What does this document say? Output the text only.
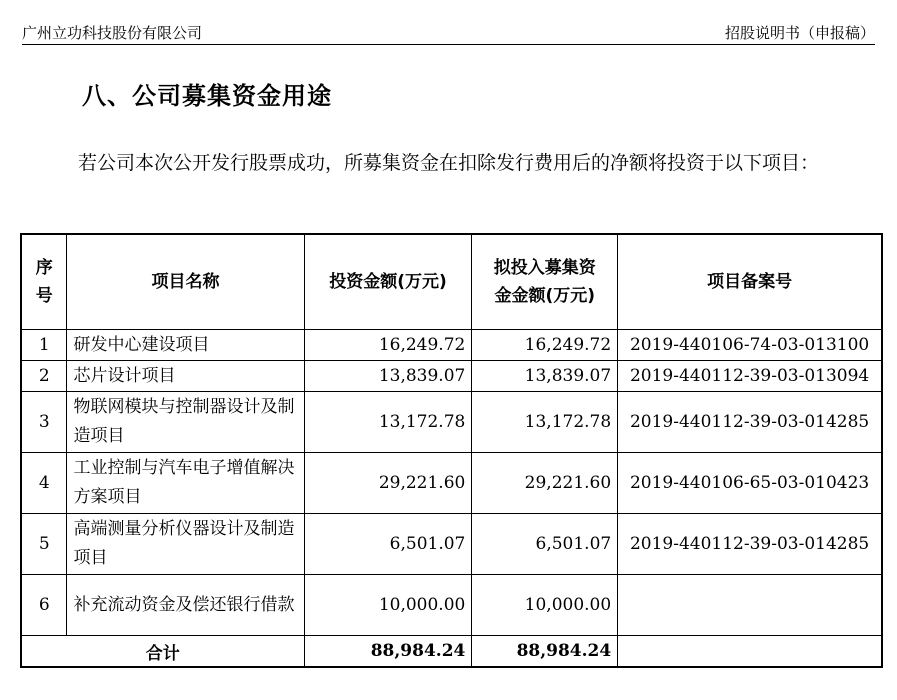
广州立功科技股份有限公司	招股说明书（申报稿）
八、公司募集资金用途
若公司本次公开发行股票成功，所募集资金在扣除发行费用后的净额将投资于以下项目：
序号	项目名称	投资金额(万元)	拟投入募集资金金额(万元)	项目备案号
1	研发中心建设项目	16,249.72	16,249.72	2019-440106-74-03-013100
2	芯片设计项目	13,839.07	13,839.07	2019-440112-39-03-013094
3	物联网模块与控制器设计及制造项目	13,172.78	13,172.78	2019-440112-39-03-014285
4	工业控制与汽车电子增值解决方案项目	29,221.60	29,221.60	2019-440106-65-03-010423
5	高端测量分析仪器设计及制造项目	6,501.07	6,501.07	2019-440112-39-03-014285
6	补充流动资金及偿还银行借款	10,000.00	10,000.00	
合计		88,984.24	88,984.24	
